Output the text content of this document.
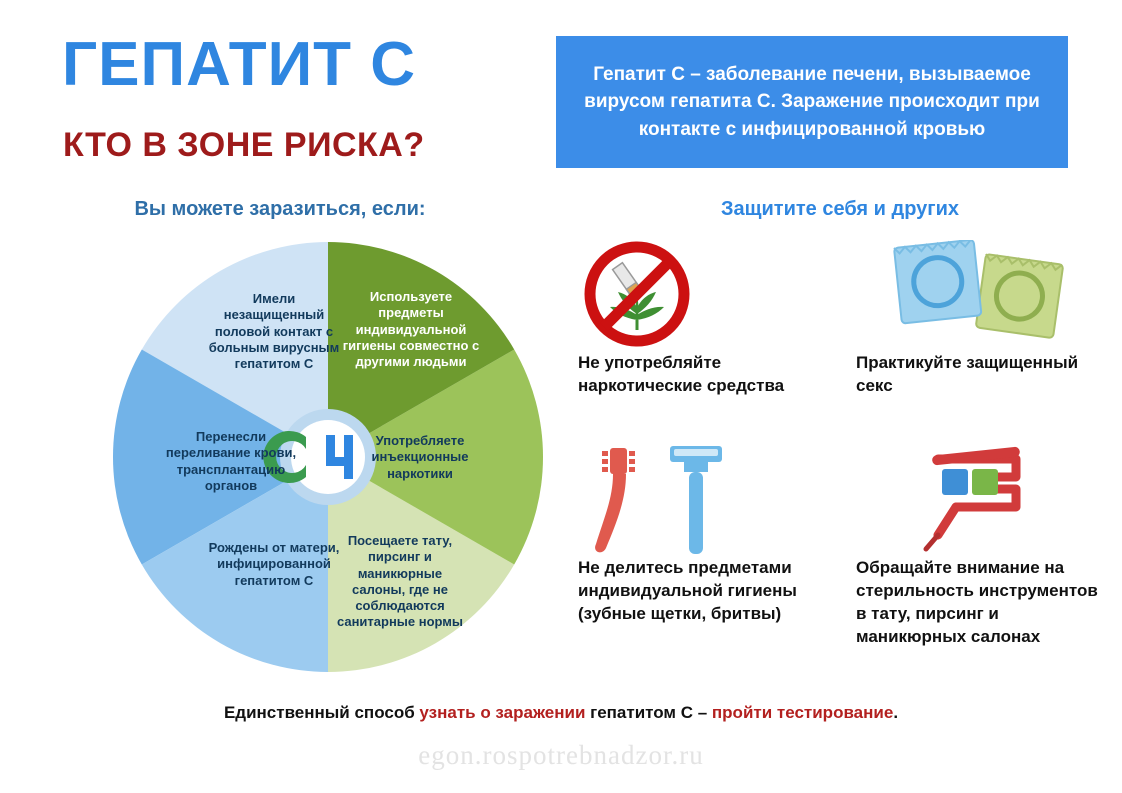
ГЕПАТИТ С
КТО В ЗОНЕ РИСКА?
Гепатит С – заболевание печени, вызываемое вирусом гепатита С. Заражение происходит при контакте с инфицированной кровью
Вы можете заразиться, если:	Защитите себя и других
Имели незащищенный половой контакт с больным вирусным гепатитом С
Используете предметы индивидуальной гигиены совместно с другими людьми
Употребляете инъекционные наркотики
Посещаете тату, пирсинг и маникюрные салоны, где не соблюдаются санитарные нормы
Рождены от матери, инфицированной гепатитом С
Перенесли переливание крови, трансплантацию органов
Не употребляйте наркотические средства
Практикуйте защищенный секс
Не делитесь предметами индивидуальной гигиены (зубные щетки, бритвы)
Обращайте внимание на стерильность инструментов в тату, пирсинг и маникюрных салонах
Единственный способ узнать о заражении гепатитом С – пройти тестирование.
egon.rospotrebnadzor.ru
